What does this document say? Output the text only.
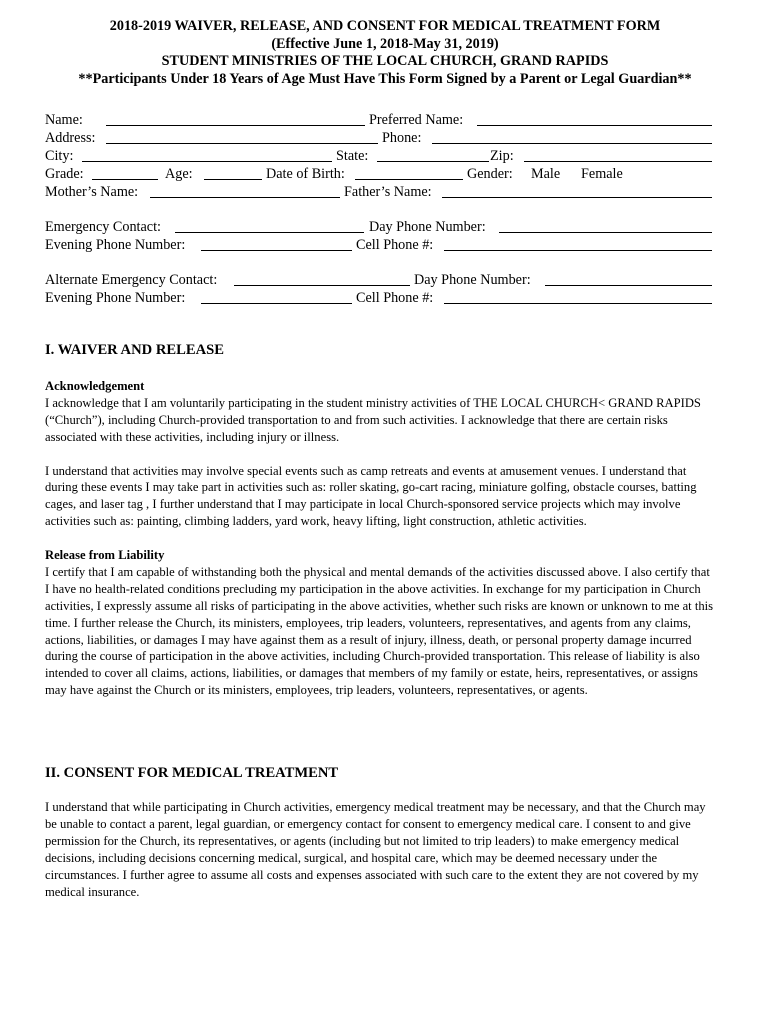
2018-2019 WAIVER, RELEASE, AND CONSENT FOR MEDICAL TREATMENT FORM
(Effective June 1, 2018-May 31, 2019)
STUDENT MINISTRIES OF THE LOCAL CHURCH, GRAND RAPIDS
**Participants Under 18 Years of Age Must Have This Form Signed by a Parent or Legal Guardian**
Name:	Preferred Name:
Address:	Phone:
City:	State:	Zip:
Grade:	Age:	Date of Birth:	Gender: Male Female
Mother’s Name:	Father’s Name:
Emergency Contact:	Day Phone Number:
Evening Phone Number:	Cell Phone #:
Alternate Emergency Contact:	Day Phone Number:
Evening Phone Number:	Cell Phone #:
I. WAIVER AND RELEASE
Acknowledgement

I acknowledge that I am voluntarily participating in the student ministry activities of THE LOCAL CHURCH< GRAND RAPIDS (“Church”), including Church-provided transportation to and from such activities. I acknowledge that there are certain risks associated with these activities, including injury or illness.

I understand that activities may involve special events such as camp retreats and events at amusement venues. I understand that during these events I may take part in activities such as: roller skating, go-cart racing, miniature golfing, obstacle courses, batting cages, and laser tag , I further understand that I may participate in local Church-sponsored service projects which may involve activities such as: painting, climbing ladders, yard work, heavy lifting, light construction, athletic activities.

Release from Liability

I certify that I am capable of withstanding both the physical and mental demands of the activities discussed above. I also certify that I have no health-related conditions precluding my participation in the above activities. In exchange for my participation in Church activities, I expressly assume all risks of participating in the above activities, whether such risks are known or unknown to me at this time. I further release the Church, its ministers, employees, trip leaders, volunteers, representatives, and agents from any claims, actions, liabilities, or damages I may have against them as a result of injury, illness, death, or personal property damage incurred during the course of participation in the above activities, including Church-provided transportation. This release of liability is also intended to cover all claims, actions, liabilities, or damages that members of my family or estate, heirs, representatives, or assigns may have against the Church or its ministers, employees, trip leaders, volunteers, representatives, or agents.

II. CONSENT FOR MEDICAL TREATMENT

I understand that while participating in Church activities, emergency medical treatment may be necessary, and that the Church may be unable to contact a parent, legal guardian, or emergency contact for consent to emergency medical care. I consent to and give permission for the Church, its representatives, or agents (including but not limited to trip leaders) to make emergency medical decisions, including decisions concerning medical, surgical, and hospital care, which may be deemed necessary under the circumstances. I further agree to assume all costs and expenses associated with such care to the extent they are not covered by my medical insurance.
